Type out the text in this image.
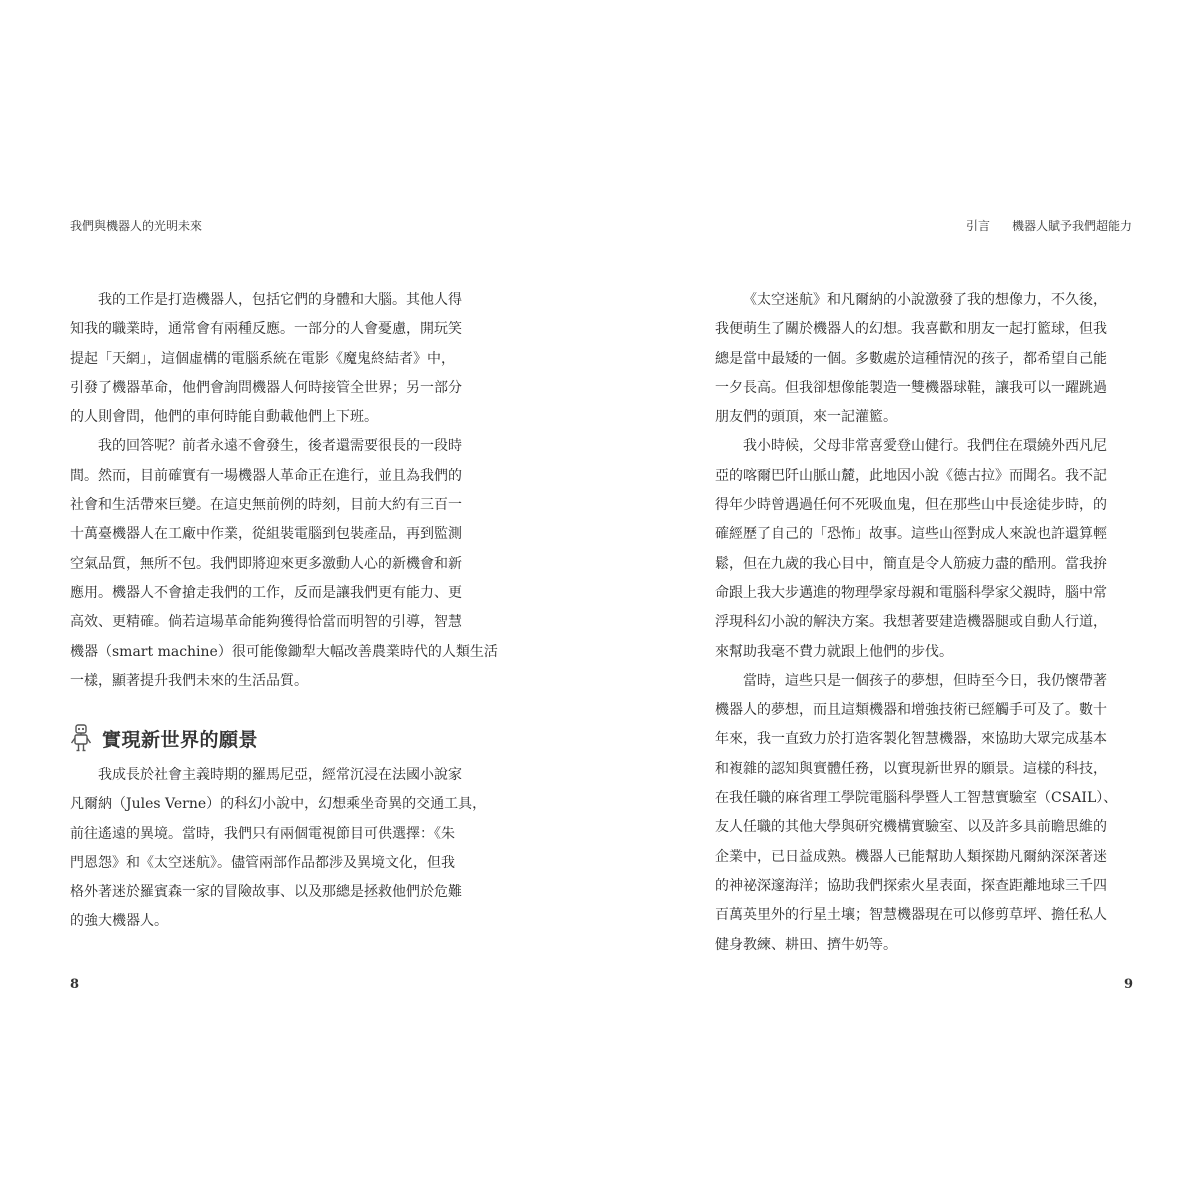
我們與機器人的光明未來
我的工作是打造機器人，包括它們的身體和大腦。其他人得
知我的職業時，通常會有兩種反應。一部分的人會憂慮，開玩笑
提起「天網」，這個虛構的電腦系統在電影《魔鬼終結者》中，
引發了機器革命，他們會詢問機器人何時接管全世界；另一部分
的人則會問，他們的車何時能自動載他們上下班。
我的回答呢？前者永遠不會發生，後者還需要很長的一段時
間。然而，目前確實有一場機器人革命正在進行，並且為我們的
社會和生活帶來巨變。在這史無前例的時刻，目前大約有三百一
十萬臺機器人在工廠中作業，從組裝電腦到包裝產品，再到監測
空氣品質，無所不包。我們即將迎來更多激動人心的新機會和新
應用。機器人不會搶走我們的工作，反而是讓我們更有能力、更
高效、更精確。倘若這場革命能夠獲得恰當而明智的引導，智慧
機器（smart machine）很可能像鋤犁大幅改善農業時代的人類生活
一樣，顯著提升我們未來的生活品質。
實現新世界的願景
我成長於社會主義時期的羅馬尼亞，經常沉浸在法國小說家
凡爾納（Jules Verne）的科幻小說中，幻想乘坐奇異的交通工具，
前往遙遠的異境。當時，我們只有兩個電視節目可供選擇：《朱
門恩怨》和《太空迷航》。儘管兩部作品都涉及異境文化，但我
格外著迷於羅賓森一家的冒險故事、以及那總是拯救他們於危難
的強大機器人。
8
引言 機器人賦予我們超能力
《太空迷航》和凡爾納的小說激發了我的想像力，不久後，
我便萌生了關於機器人的幻想。我喜歡和朋友一起打籃球，但我
總是當中最矮的一個。多數處於這種情況的孩子，都希望自己能
一夕長高。但我卻想像能製造一雙機器球鞋，讓我可以一躍跳過
朋友們的頭頂，來一記灌籃。
我小時候，父母非常喜愛登山健行。我們住在環繞外西凡尼
亞的喀爾巴阡山脈山麓，此地因小說《德古拉》而聞名。我不記
得年少時曾遇過任何不死吸血鬼，但在那些山中長途徒步時，的
確經歷了自己的「恐怖」故事。這些山徑對成人來說也許還算輕
鬆，但在九歲的我心目中，簡直是令人筋疲力盡的酷刑。當我拚
命跟上我大步邁進的物理學家母親和電腦科學家父親時，腦中常
浮現科幻小說的解決方案。我想著要建造機器腿或自動人行道，
來幫助我毫不費力就跟上他們的步伐。
當時，這些只是一個孩子的夢想，但時至今日，我仍懷帶著
機器人的夢想，而且這類機器和增強技術已經觸手可及了。數十
年來，我一直致力於打造客製化智慧機器，來協助大眾完成基本
和複雜的認知與實體任務，以實現新世界的願景。這樣的科技，
在我任職的麻省理工學院電腦科學暨人工智慧實驗室（CSAIL）、
友人任職的其他大學與研究機構實驗室、以及許多具前瞻思維的
企業中，已日益成熟。機器人已能幫助人類探勘凡爾納深深著迷
的神祕深邃海洋；協助我們探索火星表面，探查距離地球三千四
百萬英里外的行星土壤；智慧機器現在可以修剪草坪、擔任私人
健身教練、耕田、擠牛奶等。
9
